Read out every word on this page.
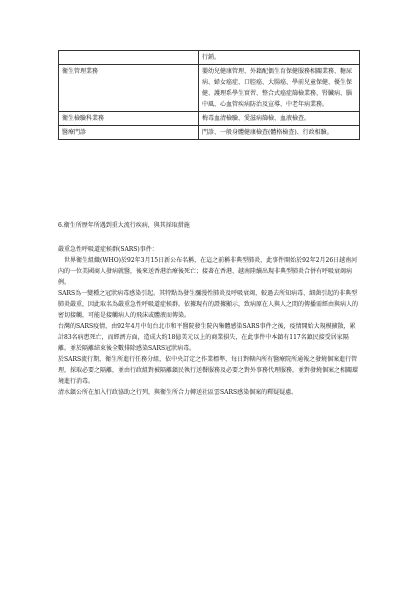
	行銷。
衛生管理業務	嬰幼兒健康管理、外籍配偶生育保健服務相關業務、糖尿病、婦女癌症、口腔癌、大腸癌、學前兒童保健、優生保健、護理系學生實習、整合式癌症篩檢業務、腎臟病、腦中風、心血管疾病防治及宣導、中老年病業務。
衛生檢驗科業務	梅毒血清檢驗、愛滋病篩檢、血液檢查。
醫療門診	門診、一般身體健康檢查(體格檢查)、行政相驗。
6.衛生所歷年所遇到重大流行疾病，與其採取措施

嚴重急性呼吸道症候群(SARS)事件：

世界衛生組織(WHO)於92年3月15日新公布名稱，在這之前稱非典型肺炎，此事件開始於92年2月26日越南河內的一位美國商人發病就醫，後來送香港治療後死亡；接著在香港、越南陸續出現非典型肺炎合併有呼吸衰竭病例。

SARS為一變種之冠狀病毒感染引起。其特點為發生瀰漫性肺炎及呼吸衰竭，較過去所知病毒、細菌引起的非典型肺炎嚴重，因此取名為嚴重急性呼吸道症候群。依據現有的證據顯示，致病原在人與人之間的傳播需經由與病人的密切接觸，可能是接觸病人的飛沫或體液而傳染。

台灣的SARS疫情，由92年4月中旬台北市和平醫院發生院內集體感染SARS事件之後，疫情開始大規模擴散，累計83名病患死亡，而經濟方面，造成大約18億美元以上的商業損失，在此事件中本鎮有117名鎮民接受居家隔離。並於隔離結束後全數排除感染SARS冠狀病毒。

於SARS流行期，衛生所進行任務分組，依中央訂定之作業標準，每日對轄內所有醫療院所通報之發燒個案進行管理，採取必要之隔離，並由行政組對被隔離鎮民執行送餐服務及必要之對外事務代理服務，並對發燒個案之相關環境進行消毒。

清水鎮公所在加入行政協助之行列，與衛生所合力轉送社區雲SARS感染個案的釋疑疑慮。
